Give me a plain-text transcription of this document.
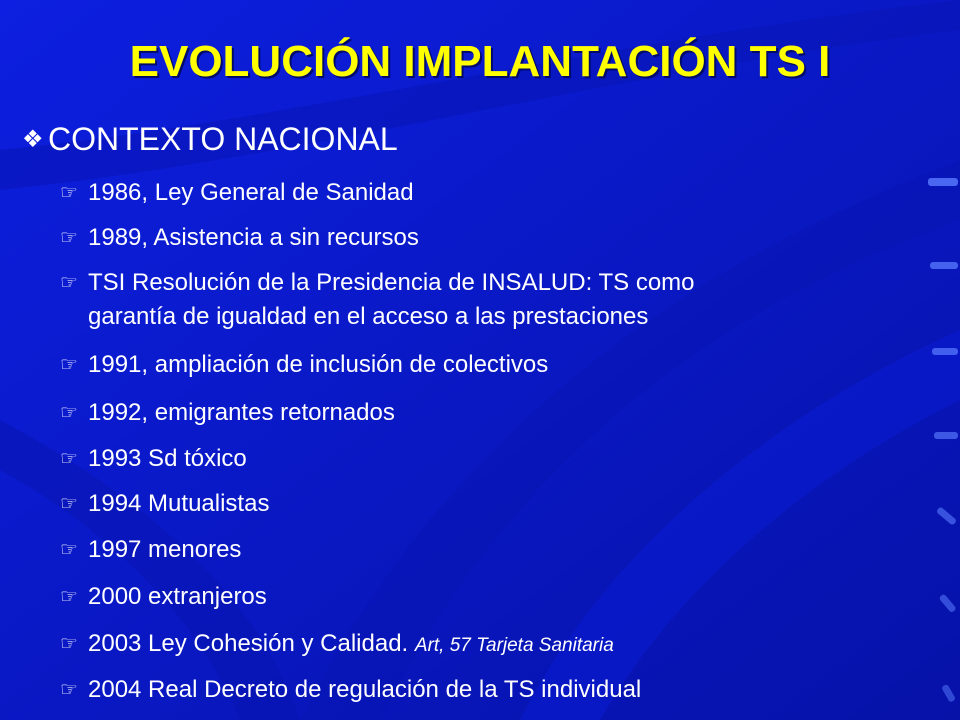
EVOLUCIÓN IMPLANTACIÓN TS I
❖ CONTEXTO NACIONAL
☞ 1986, Ley General de Sanidad
☞ 1989, Asistencia a sin recursos
☞ TSI Resolución de la Presidencia de INSALUD: TS como
garantía de igualdad en el acceso a las prestaciones
☞ 1991, ampliación de inclusión de colectivos
☞ 1992, emigrantes retornados
☞ 1993 Sd tóxico
☞ 1994 Mutualistas
☞ 1997 menores
☞ 2000 extranjeros
☞ 2003 Ley Cohesión y Calidad. Art, 57 Tarjeta Sanitaria
☞ 2004 Real Decreto de regulación de la TS individual
